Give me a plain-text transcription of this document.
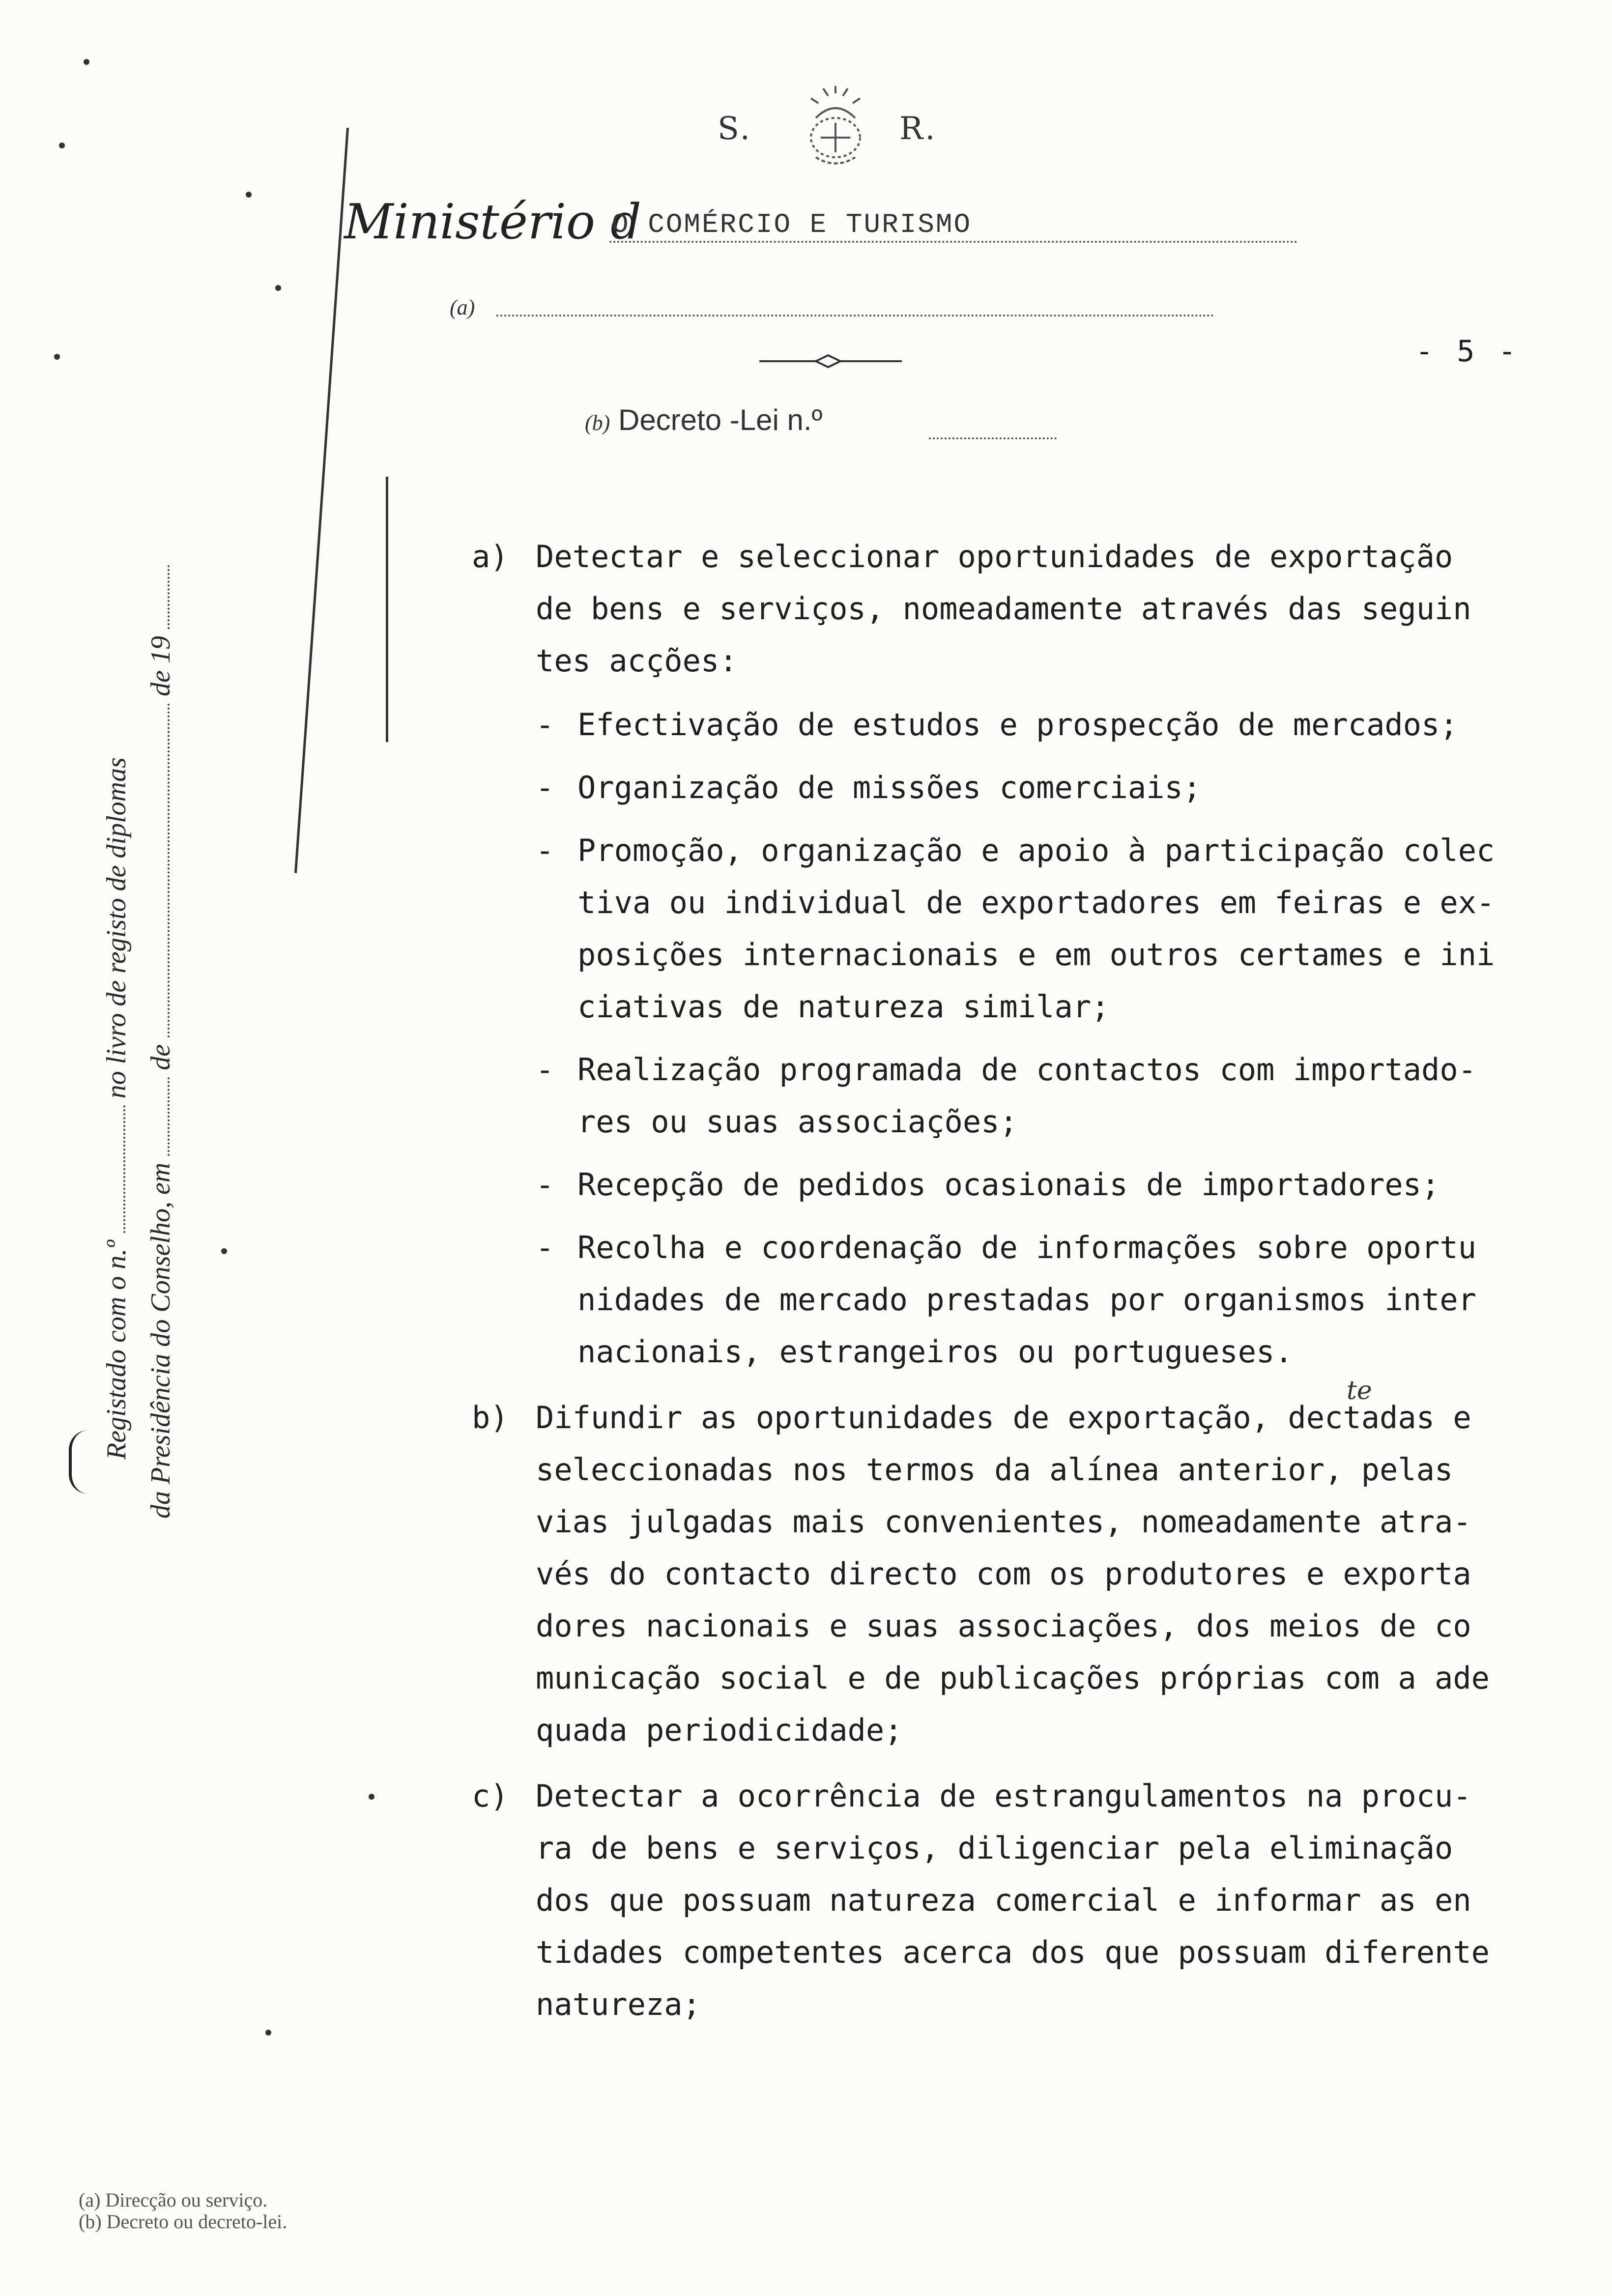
S.	R.
Ministério d
O COMÉRCIO E TURISMO
(a)
- 5 -
(b) Decreto -Lei n.º
Registado com o n.º  no livro de registo de diplomas
da Presidência do Conselho, em  de  de 19
a) Detectar e seleccionar oportunidades de exportação
de bens e serviços, nomeadamente através das seguin
tes acções:
- Efectivação de estudos e prospecção de mercados;
- Organização de missões comerciais;
- Promoção, organização e apoio à participação colec
tiva ou individual de exportadores em feiras e ex-
posições internacionais e em outros certames e ini
ciativas de natureza similar;
- Realização programada de contactos com importado-
res ou suas associações;
- Recepção de pedidos ocasionais de importadores;
- Recolha e coordenação de informações sobre oportu
nidades de mercado prestadas por organismos inter
nacionais, estrangeiros ou portugueses.
b)
te
Difundir as oportunidades de exportação, dectadas e
seleccionadas nos termos da alínea anterior, pelas
vias julgadas mais convenientes, nomeadamente atra-
vés do contacto directo com os produtores e exporta
dores nacionais e suas associações, dos meios de co
municação social e de publicações próprias com a ade
quada periodicidade;
c) Detectar a ocorrência de estrangulamentos na procu-
ra de bens e serviços, diligenciar pela eliminação
dos que possuam natureza comercial e informar as en
tidades competentes acerca dos que possuam diferente
natureza;
(a) Direcção ou serviço.
(b) Decreto ou decreto-lei.
